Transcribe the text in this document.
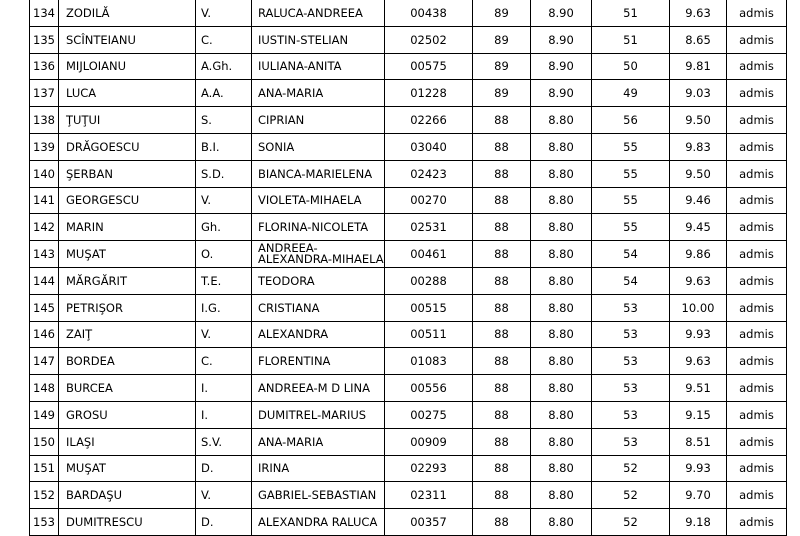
134	ZODILĂ	V.	RALUCA-ANDREEA	00438	89	8.90	51	9.63	admis
135	SCÎNTEIANU	C.	IUSTIN-STELIAN	02502	89	8.90	51	8.65	admis
136	MIJLOIANU	A.Gh.	IULIANA-ANITA	00575	89	8.90	50	9.81	admis
137	LUCA	A.A.	ANA-MARIA	01228	89	8.90	49	9.03	admis
138	ŢUŢUI	S.	CIPRIAN	02266	88	8.80	56	9.50	admis
139	DRĂGOESCU	B.I.	SONIA	03040	88	8.80	55	9.83	admis
140	ŞERBAN	S.D.	BIANCA-MARIELENA	02423	88	8.80	55	9.50	admis
141	GEORGESCU	V.	VIOLETA-MIHAELA	00270	88	8.80	55	9.46	admis
142	MARIN	Gh.	FLORINA-NICOLETA	02531	88	8.80	55	9.45	admis
143	MUŞAT	O.	ANDREEA-ALEXANDRA-MIHAELA	00461	88	8.80	54	9.86	admis
144	MĂRGĂRIT	T.E.	TEODORA	00288	88	8.80	54	9.63	admis
145	PETRIŞOR	I.G.	CRISTIANA	00515	88	8.80	53	10.00	admis
146	ZAIŢ	V.	ALEXANDRA	00511	88	8.80	53	9.93	admis
147	BORDEA	C.	FLORENTINA	01083	88	8.80	53	9.63	admis
148	BURCEA	I.	ANDREEA-M D LINA	00556	88	8.80	53	9.51	admis
149	GROSU	I.	DUMITREL-MARIUS	00275	88	8.80	53	9.15	admis
150	ILAŞI	S.V.	ANA-MARIA	00909	88	8.80	53	8.51	admis
151	MUŞAT	D.	IRINA	02293	88	8.80	52	9.93	admis
152	BARDAŞU	V.	GABRIEL-SEBASTIAN	02311	88	8.80	52	9.70	admis
153	DUMITRESCU	D.	ALEXANDRA RALUCA	00357	88	8.80	52	9.18	admis
